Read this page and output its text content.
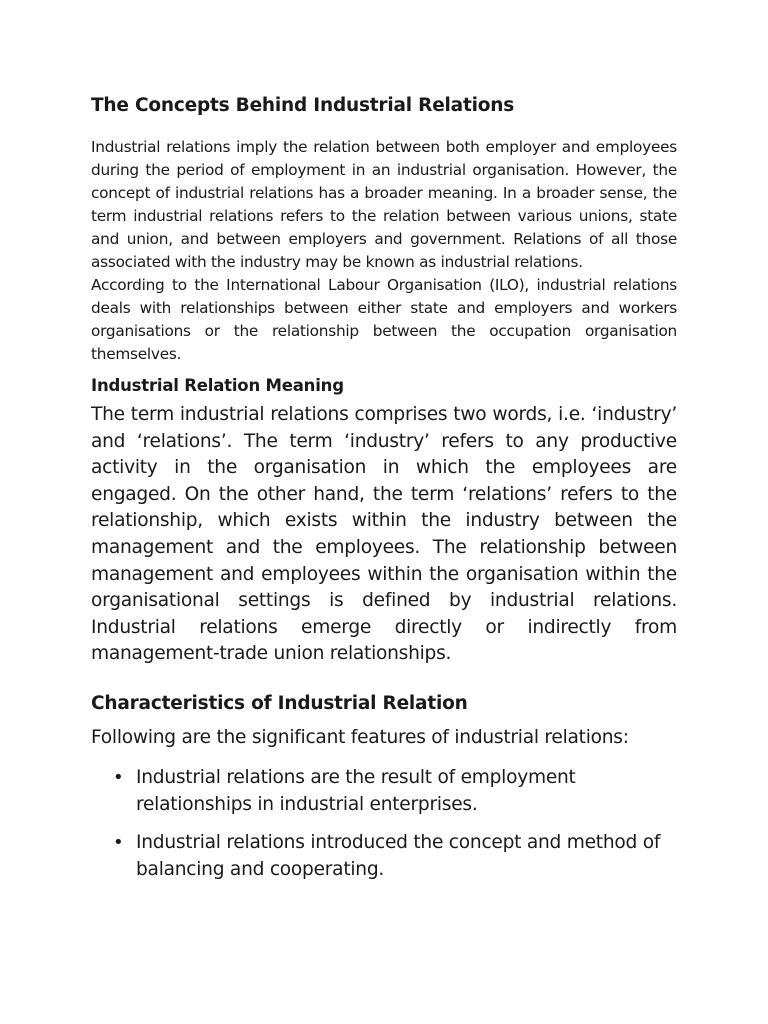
The Concepts Behind Industrial Relations

Industrial relations imply the relation between both employer and employees during the period of employment in an industrial organisation. However, the concept of industrial relations has a broader meaning. In a broader sense, the term industrial relations refers to the relation between various unions, state and union, and between employers and government. Relations of all those associated with the industry may be known as industrial relations.

According to the International Labour Organisation (ILO), industrial relations deals with relationships between either state and employers and workers organisations or the relationship between the occupation organisation themselves.

Industrial Relation Meaning

The term industrial relations comprises two words, i.e. ‘industry’ and ‘relations’. The term ‘industry’ refers to any productive activity in the organisation in which the employees are engaged. On the other hand, the term ‘relations’ refers to the relationship, which exists within the industry between the management and the employees. The relationship between management and employees within the organisation within the organisational settings is defined by industrial relations. Industrial relations emerge directly or indirectly from management-trade union relationships.

Characteristics of Industrial Relation

Following are the significant features of industrial relations:

• Industrial relations are the result of employment relationships in industrial enterprises.
• Industrial relations introduced the concept and method of balancing and cooperating.
